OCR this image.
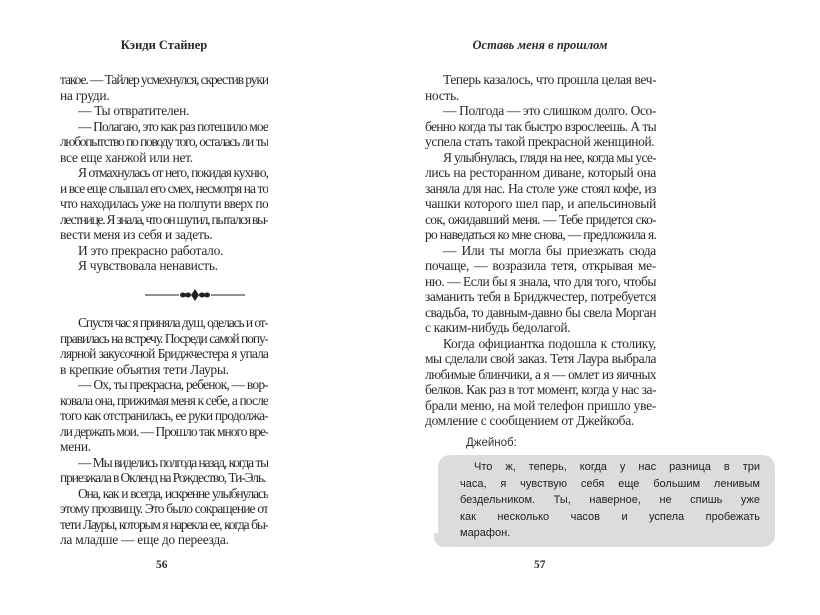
Кэнди Стайнер
такое. — Тайлер усмехнулся, скрестив руки
на груди.
— Ты отвратителен.
— Полагаю, это как раз потешило мое
любопытство по поводу того, осталась ли ты
все еще ханжой или нет.
Я отмахнулась от него, покидая кухню,
и все еще слышал его смех, несмотря на то
что находилась уже на полпути вверх по
лестнице. Я знала, что он шутил, пытался вы-
вести меня из себя и задеть.
И это прекрасно работало.
Я чувствовала ненависть.
Спустя час я приняла душ, оделась и от-
правилась на встречу. Посреди самой попу-
лярной закусочной Бриджчестера я упала
в крепкие объятия тети Лауры.
— Ох, ты прекрасна, ребенок, — вор-
ковала она, прижимая меня к себе, а после
того как отстранилась, ее руки продолжа-
ли держать мои. — Прошло так много вре-
мени.
— Мы виделись полгода назад, когда ты
приезжала в Окленд на Рождество, Ти-Эль.
Она, как и всегда, искренне улыбнулась
этому прозвищу. Это было сокращение от
тети Лауры, которым я нарекла ее, когда бы-
ла младше — еще до переезда.
56
Оставь меня в прошлом
Теперь казалось, что прошла целая веч-
ность.
— Полгода — это слишком долго. Осо-
бенно когда ты так быстро взрослеешь. А ты
успела стать такой прекрасной женщиной.
Я улыбнулась, глядя на нее, когда мы усе-
лись на ресторанном диване, который она
заняла для нас. На столе уже стоял кофе, из
чашки которого шел пар, и апельсиновый
сок, ожидавший меня. — Тебе придется ско-
ро наведаться ко мне снова, — предложила я.
— Или ты могла бы приезжать сюда
почаще, — возразила тетя, открывая ме-
ню. — Если бы я знала, что для того, чтобы
заманить тебя в Бриджчестер, потребуется
свадьба, то давным-давно бы свела Морган
с каким-нибудь бедолагой.
Когда официантка подошла к столику,
мы сделали свой заказ. Тетя Лаура выбрала
любимые блинчики, а я — омлет из яичных
белков. Как раз в тот момент, когда у нас за-
брали меню, на мой телефон пришло уве-
домление с сообщением от Джейкоба.
57
Джейноб:
Что ж, теперь, когда у нас разница в три
часа, я чувствую себя еще большим ленивым
бездельником. Ты, наверное, не спишь уже
как несколько часов и успела пробежать
марафон.
